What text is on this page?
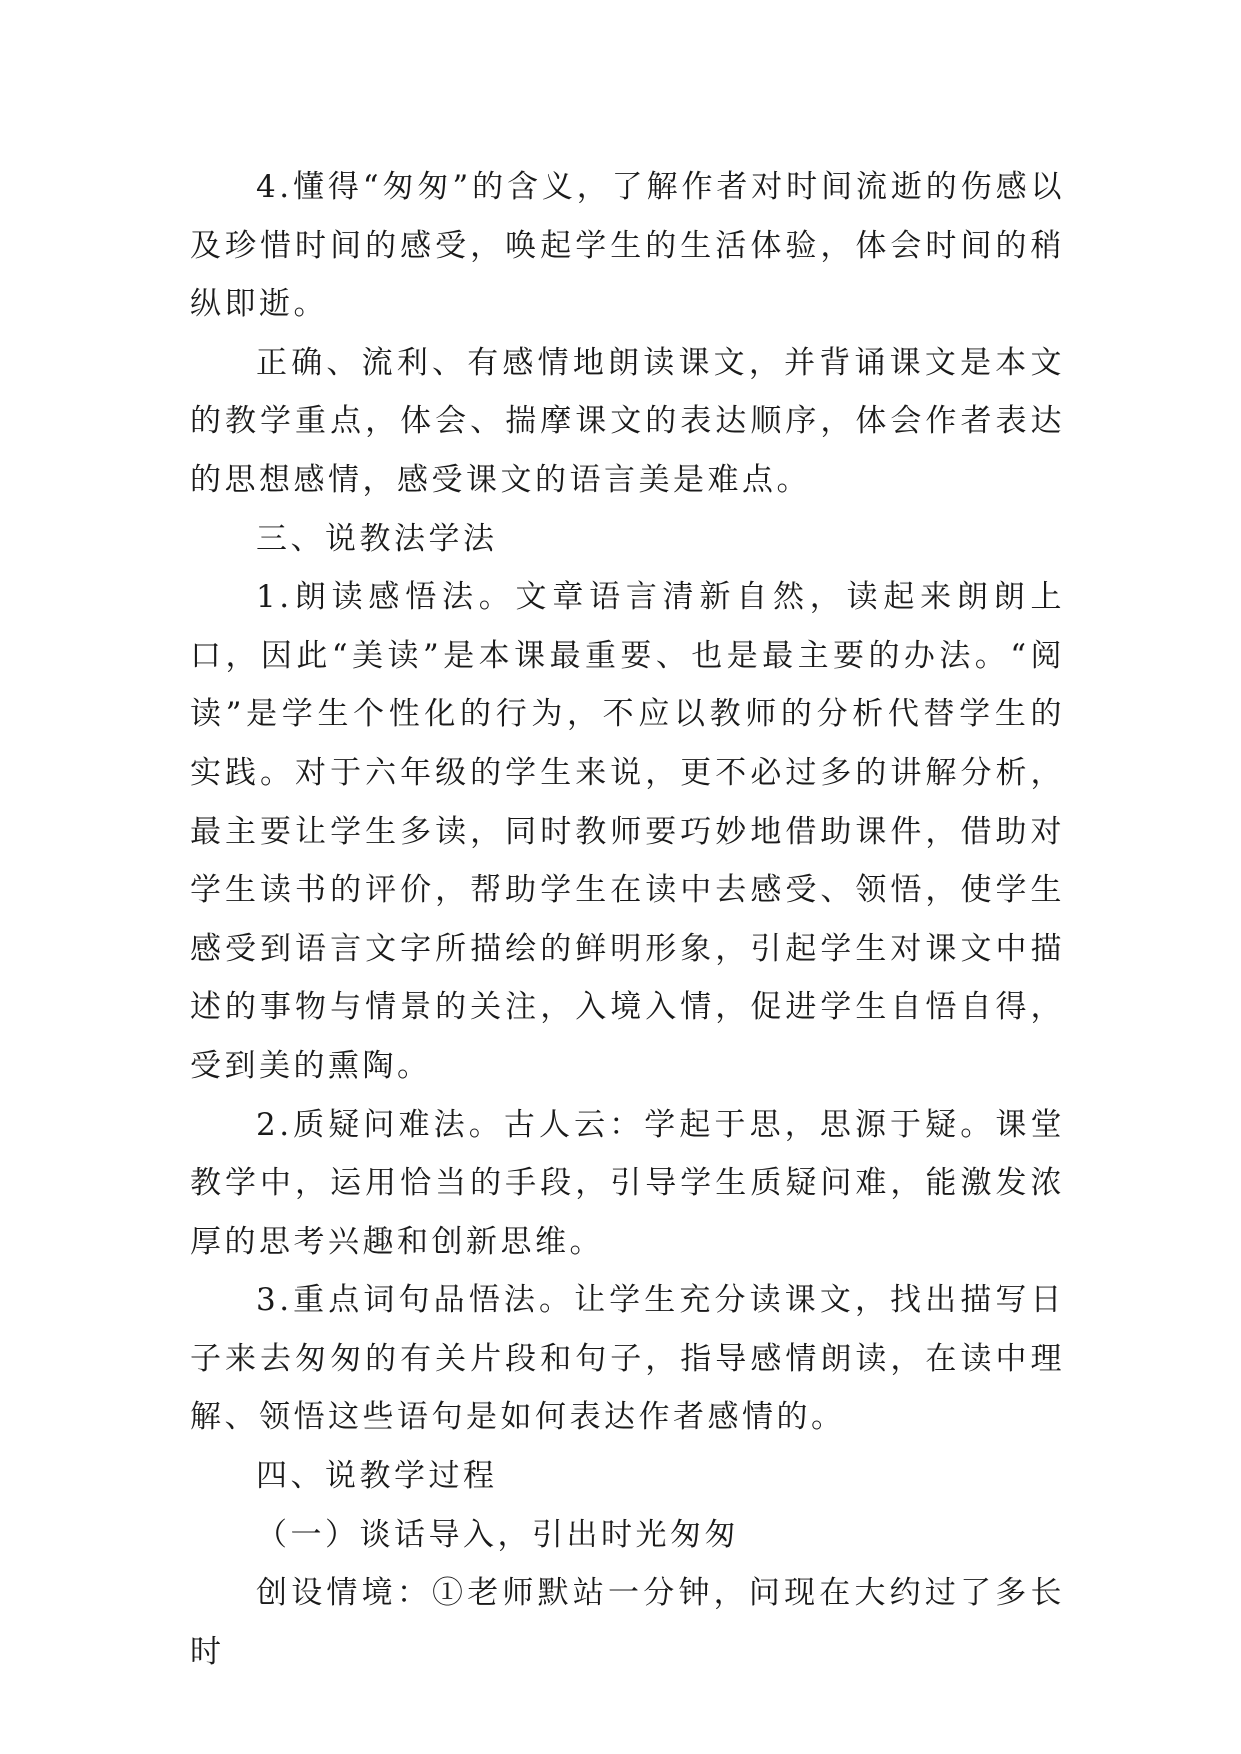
4.懂得“匆匆”的含义，了解作者对时间流逝的伤感以及珍惜时间的感受，唤起学生的生活体验，体会时间的稍纵即逝。

正确、流利、有感情地朗读课文，并背诵课文是本文的教学重点，体会、揣摩课文的表达顺序，体会作者表达的思想感情，感受课文的语言美是难点。

三、说教法学法

1.朗读感悟法。文章语言清新自然，读起来朗朗上口，因此“美读”是本课最重要、也是最主要的办法。“阅读”是学生个性化的行为，不应以教师的分析代替学生的实践。对于六年级的学生来说，更不必过多的讲解分析，最主要让学生多读，同时教师要巧妙地借助课件，借助对学生读书的评价，帮助学生在读中去感受、领悟，使学生感受到语言文字所描绘的鲜明形象，引起学生对课文中描述的事物与情景的关注，入境入情，促进学生自悟自得，受到美的熏陶。

2.质疑问难法。古人云：学起于思，思源于疑。课堂教学中，运用恰当的手段，引导学生质疑问难，能激发浓厚的思考兴趣和创新思维。

3.重点词句品悟法。让学生充分读课文，找出描写日子来去匆匆的有关片段和句子，指导感情朗读，在读中理解、领悟这些语句是如何表达作者感情的。

四、说教学过程

（一）谈话导入，引出时光匆匆

创设情境：①老师默站一分钟，问现在大约过了多长时
